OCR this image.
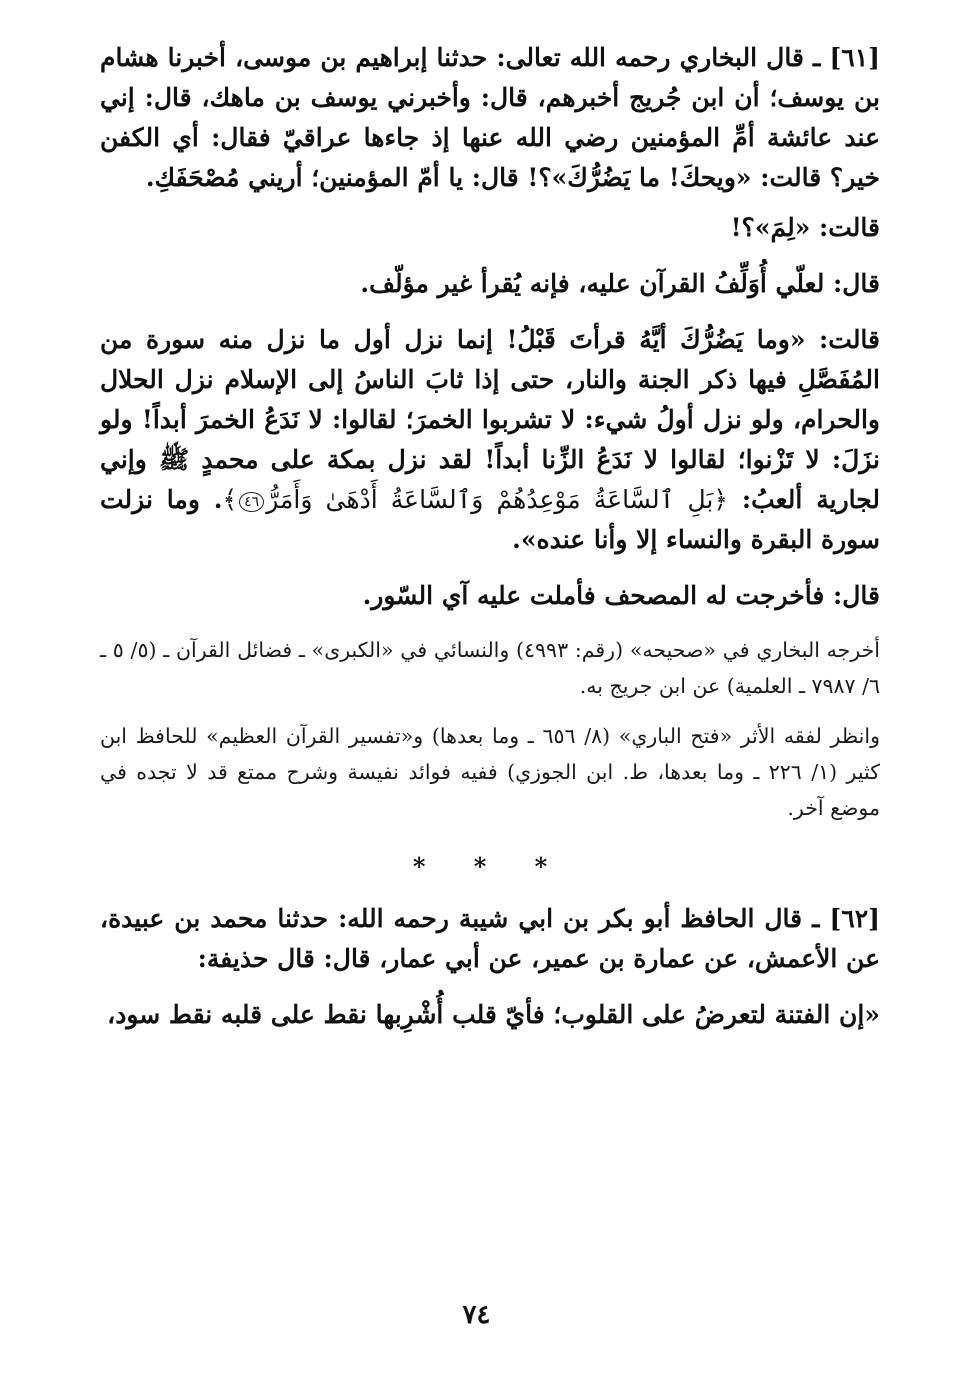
[٦١] ـ قال البخاري رحمه الله تعالى: حدثنا إبراهيم بن موسى، أخبرنا هشام بن يوسف؛ أن ابن جُريج أخبرهم، قال: وأخبرني يوسف بن ماهك، قال: إني عند عائشة أمِّ المؤمنين رضي الله عنها إذ جاءها عراقيّ فقال: أي الكفن خير؟ قالت: «ويحكَ! ما يَضُرُّكَ»؟! قال: يا أمّ المؤمنين؛ أريني مُصْحَفَكِ.

قالت: «لِمَ»؟!

قال: لعلّي أُوَلِّفُ القرآن عليه، فإنه يُقرأ غير مؤلّف.

قالت: «وما يَضُرُّكَ أيَّهُ قرأتَ قَبْلُ! إنما نزل أول ما نزل منه سورة من المُفَصَّلِ فيها ذكر الجنة والنار، حتى إذا ثابَ الناسُ إلى الإسلام نزل الحلال والحرام، ولو نزل أولُ شيء: لا تشربوا الخمرَ؛ لقالوا: لا نَدَعُ الخمرَ أبداً! ولو نزَلَ: لا تَزْنوا؛ لقالوا لا نَدَعُ الزِّنا أبداً! لقد نزل بمكة على محمدٍ ﷺ وإني لجارية ألعبُ: ﴿بَلِ ٱلسَّاعَةُ مَوْعِدُهُمْ وَٱلسَّاعَةُ أَدْهَىٰ وَأَمَرُّ٤٦﴾. وما نزلت سورة البقرة والنساء إلا وأنا عنده».

قال: فأخرجت له المصحف فأملت عليه آي السّور.

أخرجه البخاري في «صحيحه» (رقم: ٤٩٩٣) والنسائي في «الكبرى» ـ فضائل القرآن ـ (٥/ ٥ ـ ٦/ ٧٩٨٧ ـ العلمية) عن ابن جريج به.

وانظر لفقه الأثر «فتح الباري» (٨/ ٦٥٦ ـ وما بعدها) و«تفسير القرآن العظيم» للحافظ ابن كثير (١/ ٢٢٦ ـ وما بعدها، ط. ابن الجوزي) ففيه فوائد نفيسة وشرح ممتع قد لا تجده في موضع آخر.

* * *

[٦٢] ـ قال الحافظ أبو بكر بن ابي شيبة رحمه الله: حدثنا محمد بن عبيدة، عن الأعمش، عن عمارة بن عمير، عن أبي عمار، قال: قال حذيفة:

«إن الفتنة لتعرضُ على القلوب؛ فأيّ قلب أُشْرِبها نقط على قلبه نقط سود،

٧٤
